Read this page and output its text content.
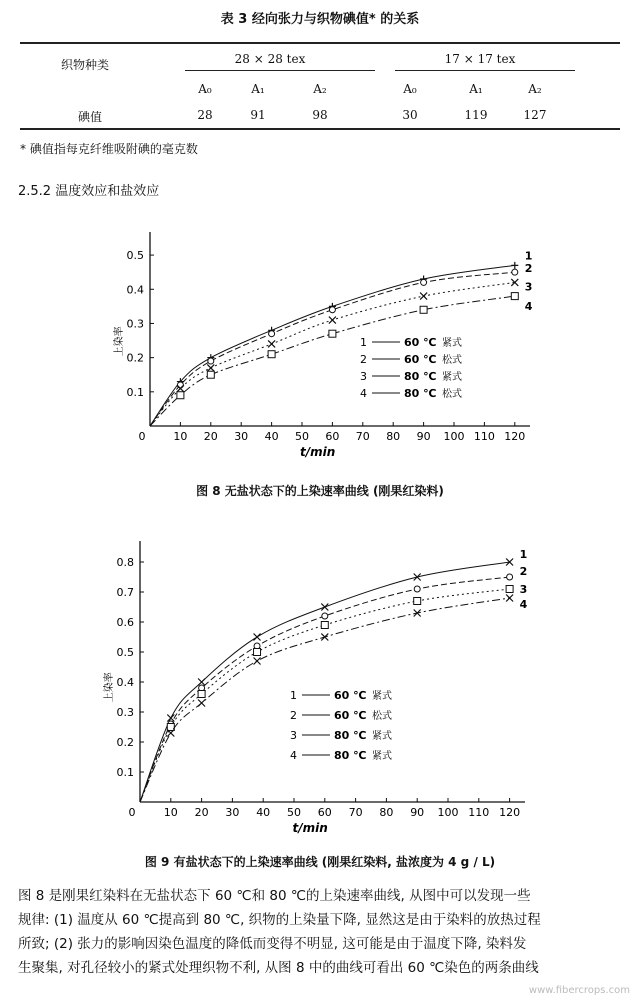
表 3 经向张力与织物碘值* 的关系
织物种类	28 × 28 tex	17 × 17 tex
A₀	A₁	A₂	A₀	A₁	A₂
碘值	28	91	98	30	119	127
* 碘值指每克纤维吸附碘的毫克数
2.5.2 温度效应和盐效应
0	10 20 30 40 50 60 70 80 90 100 110 120
0.1
0.2
0.3
0.4
0.5
t/min
上染率
1
2
3
4
1	60 ℃ 紧式
2	60 ℃ 松式
3	80 ℃ 紧式
4	80 ℃ 松式
图 8 无盐状态下的上染速率曲线 (刚果红染料)
0	10 20 30 40 50 60 70 80 90 100 110 120
0.1
0.2
0.3
0.4
0.5
0.6
0.7
0.8
t/min
上染率
1
2
3
4
1	60 ℃ 紧式
2	60 ℃ 松式
3	80 ℃ 紧式
4	80 ℃ 紧式
图 9 有盐状态下的上染速率曲线 (刚果红染料, 盐浓度为 4 g / L)
图 8 是刚果红染料在无盐状态下 60 ℃和 80 ℃的上染速率曲线, 从图中可以发现一些
规律: (1) 温度从 60 ℃提高到 80 ℃, 织物的上染量下降, 显然这是由于染料的放热过程
所致; (2) 张力的影响因染色温度的降低而变得不明显, 这可能是由于温度下降, 染料发
生聚集, 对孔径较小的紧式处理织物不利, 从图 8 中的曲线可看出 60 ℃染色的两条曲线
www.fibercrops.com
